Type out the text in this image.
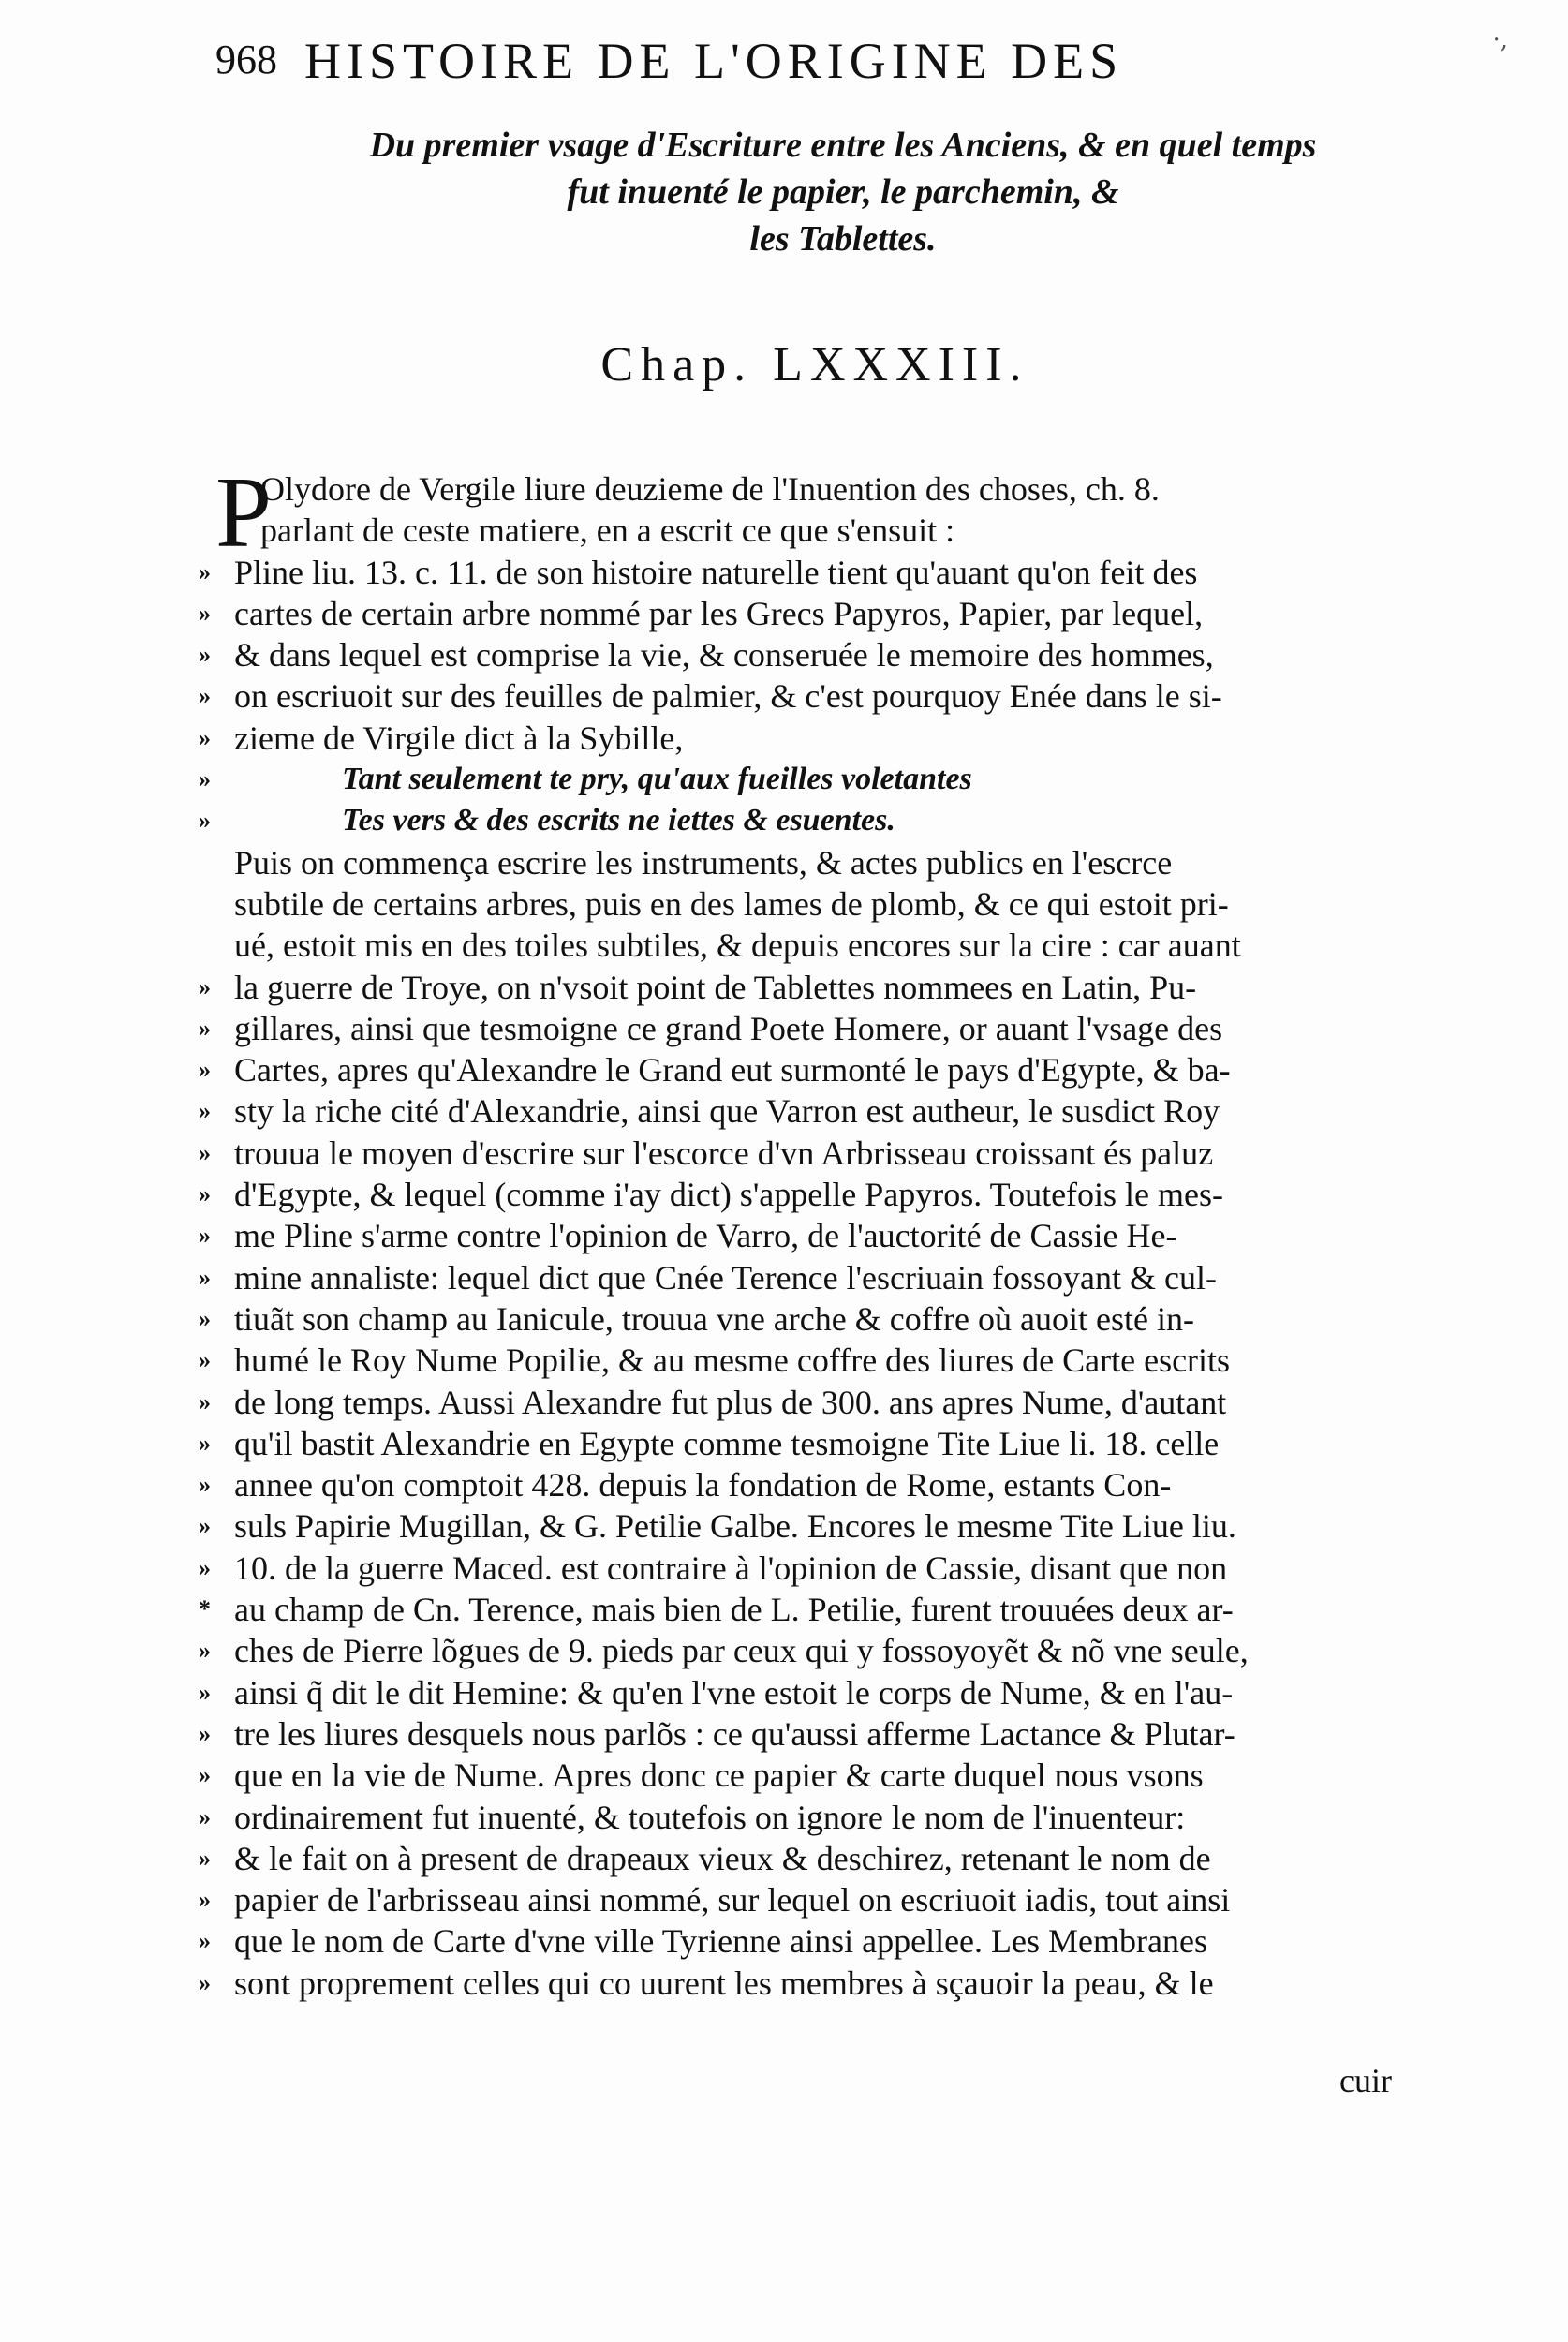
968 HISTOIRE DE L'ORIGINE DES	·,
Du premier vsage d'Escriture entre les Anciens, & en quel temps
fut inuenté le papier, le parchemin, &
les Tablettes.
Chap. LXXXIII.
P
Olydore de Vergile liure deuzieme de l'Inuention des choses, ch. 8.
parlant de ceste matiere, en a escrit ce que s'ensuit :
» Pline liu. 13. c. 11. de son histoire naturelle tient qu'auant qu'on feit des
» cartes de certain arbre nommé par les Grecs Papyros, Papier, par lequel,
» & dans lequel est comprise la vie, & conseruée le memoire des hommes,
» on escriuoit sur des feuilles de palmier, & c'est pourquoy Enée dans le si-
» zieme de Virgile dict à la Sybille,
»	Tant seulement te pry, qu'aux fueilles voletantes
»	Tes vers & des escrits ne iettes & esuentes.
Puis on commença escrire les instruments, & actes publics en l'escrce
subtile de certains arbres, puis en des lames de plomb, & ce qui estoit pri-
ué, estoit mis en des toiles subtiles, & depuis encores sur la cire : car auant
» la guerre de Troye, on n'vsoit point de Tablettes nommees en Latin, Pu-
» gillares, ainsi que tesmoigne ce grand Poete Homere, or auant l'vsage des
» Cartes, apres qu'Alexandre le Grand eut surmonté le pays d'Egypte, & ba-
» sty la riche cité d'Alexandrie, ainsi que Varron est autheur, le susdict Roy
» trouua le moyen d'escrire sur l'escorce d'vn Arbrisseau croissant és paluz
» d'Egypte, & lequel (comme i'ay dict) s'appelle Papyros. Toutefois le mes-
» me Pline s'arme contre l'opinion de Varro, de l'auctorité de Cassie He-
» mine annaliste: lequel dict que Cnée Terence l'escriuain fossoyant & cul-
» tiuãt son champ au Ianicule, trouua vne arche & coffre où auoit esté in-
» humé le Roy Nume Popilie, & au mesme coffre des liures de Carte escrits
» de long temps. Aussi Alexandre fut plus de 300. ans apres Nume, d'autant
» qu'il bastit Alexandrie en Egypte comme tesmoigne Tite Liue li. 18. celle
» annee qu'on comptoit 428. depuis la fondation de Rome, estants Con-
» suls Papirie Mugillan, & G. Petilie Galbe. Encores le mesme Tite Liue liu.
» 10. de la guerre Maced. est contraire à l'opinion de Cassie, disant que non
* au champ de Cn. Terence, mais bien de L. Petilie, furent trouuées deux ar-
» ches de Pierre lõgues de 9. pieds par ceux qui y fossoyoyẽt & nõ vne seule,
» ainsi q̃ dit le dit Hemine: & qu'en l'vne estoit le corps de Nume, & en l'au-
» tre les liures desquels nous parlõs : ce qu'aussi afferme Lactance & Plutar-
» que en la vie de Nume. Apres donc ce papier & carte duquel nous vsons
» ordinairement fut inuenté, & toutefois on ignore le nom de l'inuenteur:
» & le fait on à present de drapeaux vieux & deschirez, retenant le nom de
» papier de l'arbrisseau ainsi nommé, sur lequel on escriuoit iadis, tout ainsi
» que le nom de Carte d'vne ville Tyrienne ainsi appellee. Les Membranes
» sont proprement celles qui co uurent les membres à sçauoir la peau, & le
cuir
